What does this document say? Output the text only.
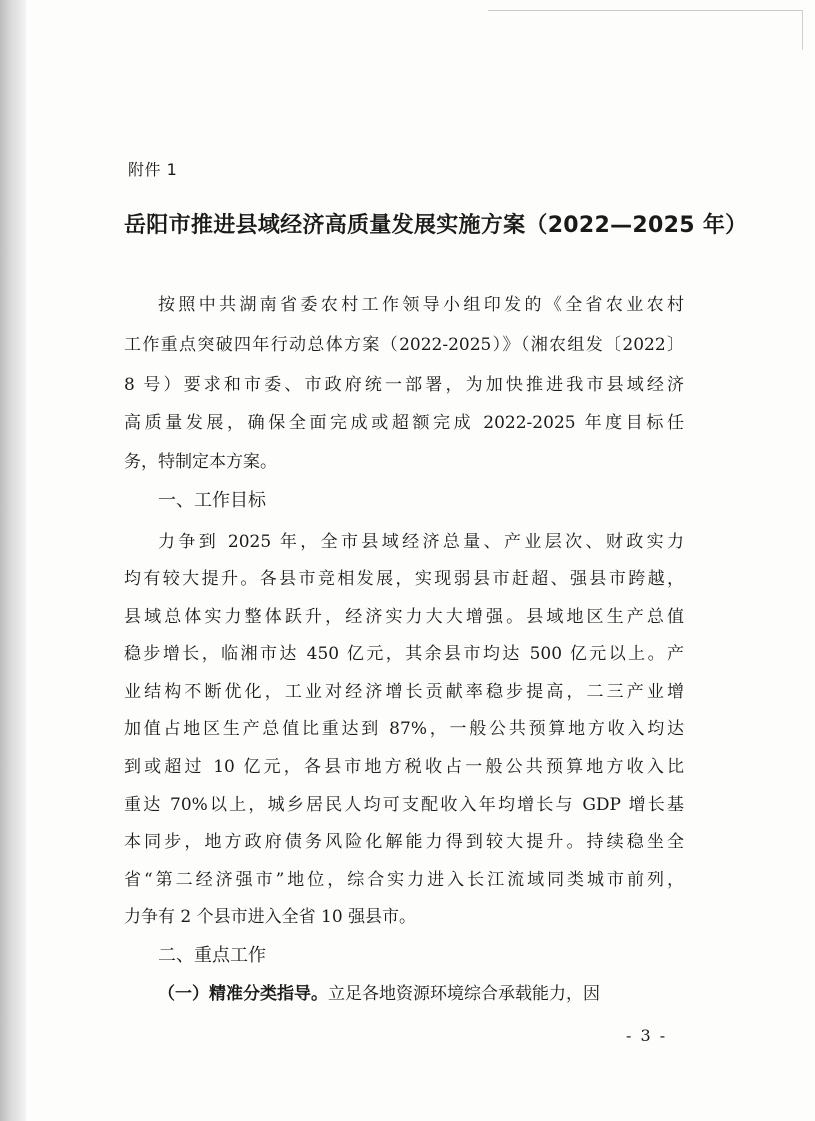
附件 1
岳阳市推进县域经济高质量发展实施方案（2022—2025 年）
按照中共湖南省委农村工作领导小组印发的《全省农业农村
工作重点突破四年行动总体方案（2022-2025）》（湘农组发〔2022〕
8 号）要求和市委、市政府统一部署，为加快推进我市县域经济
高质量发展，确保全面完成或超额完成 2022-2025 年度目标任
务，特制定本方案。
一、工作目标
力争到 2025 年，全市县域经济总量、产业层次、财政实力
均有较大提升。各县市竞相发展，实现弱县市赶超、强县市跨越，
县域总体实力整体跃升，经济实力大大增强。县域地区生产总值
稳步增长，临湘市达 450 亿元，其余县市均达 500 亿元以上。产
业结构不断优化，工业对经济增长贡献率稳步提高，二三产业增
加值占地区生产总值比重达到 87%，一般公共预算地方收入均达
到或超过 10 亿元，各县市地方税收占一般公共预算地方收入比
重达 70%以上，城乡居民人均可支配收入年均增长与 GDP 增长基
本同步，地方政府债务风险化解能力得到较大提升。持续稳坐全
省“第二经济强市”地位，综合实力进入长江流域同类城市前列，
力争有 2 个县市进入全省 10 强县市。
二、重点工作
（一）精准分类指导。立足各地资源环境综合承载能力，因
- 3 -
